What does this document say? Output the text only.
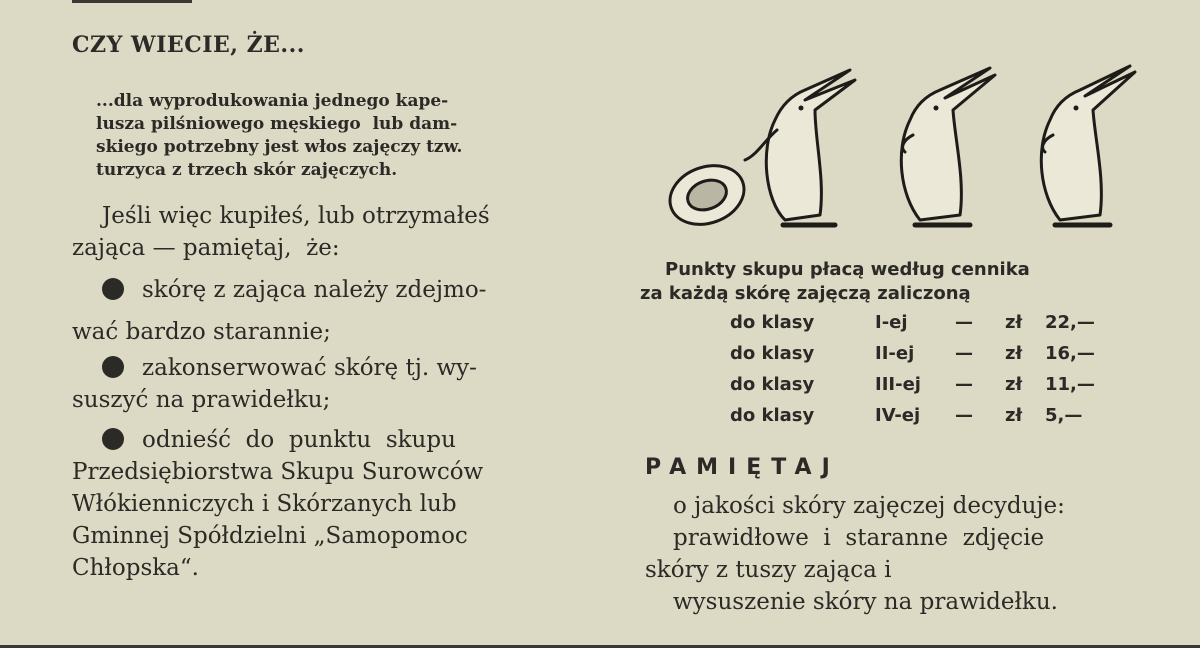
CZY WIECIE, ŻE...
...dla wyprodukowania jednego kape-
lusza pilśniowego męskiego  lub dam-
skiego potrzebny jest włos zajęczy tzw.
turzyca z trzech skór zajęczych.
Jeśli więc kupiłeś, lub otrzymałeś
zająca — pamiętaj,  że:
skórę z zająca należy zdejmo-
wać bardzo starannie;
zakonserwować skórę tj. wy-
suszyć na prawidełku;
odnieść  do  punktu  skupu
Przedsiębiorstwa Skupu Surowców
Włókienniczych i Skórzanych lub
Gminnej Spółdzielni „Samopomoc
Chłopska“.
Punkty skupu płacą według cennika
za każdą skórę zajęczą zaliczoną
do klasy	I-ej	—	zł	22,—
do klasy	II-ej	—	zł	16,—
do klasy	III-ej	—	zł	11,—
do klasy	IV-ej	—	zł	5,—
PAMIĘTAJ
o jakości skóry zajęczej decyduje:
prawidłowe  i  staranne  zdjęcie
skóry z tuszy zająca i
wysuszenie skóry na prawidełku.
